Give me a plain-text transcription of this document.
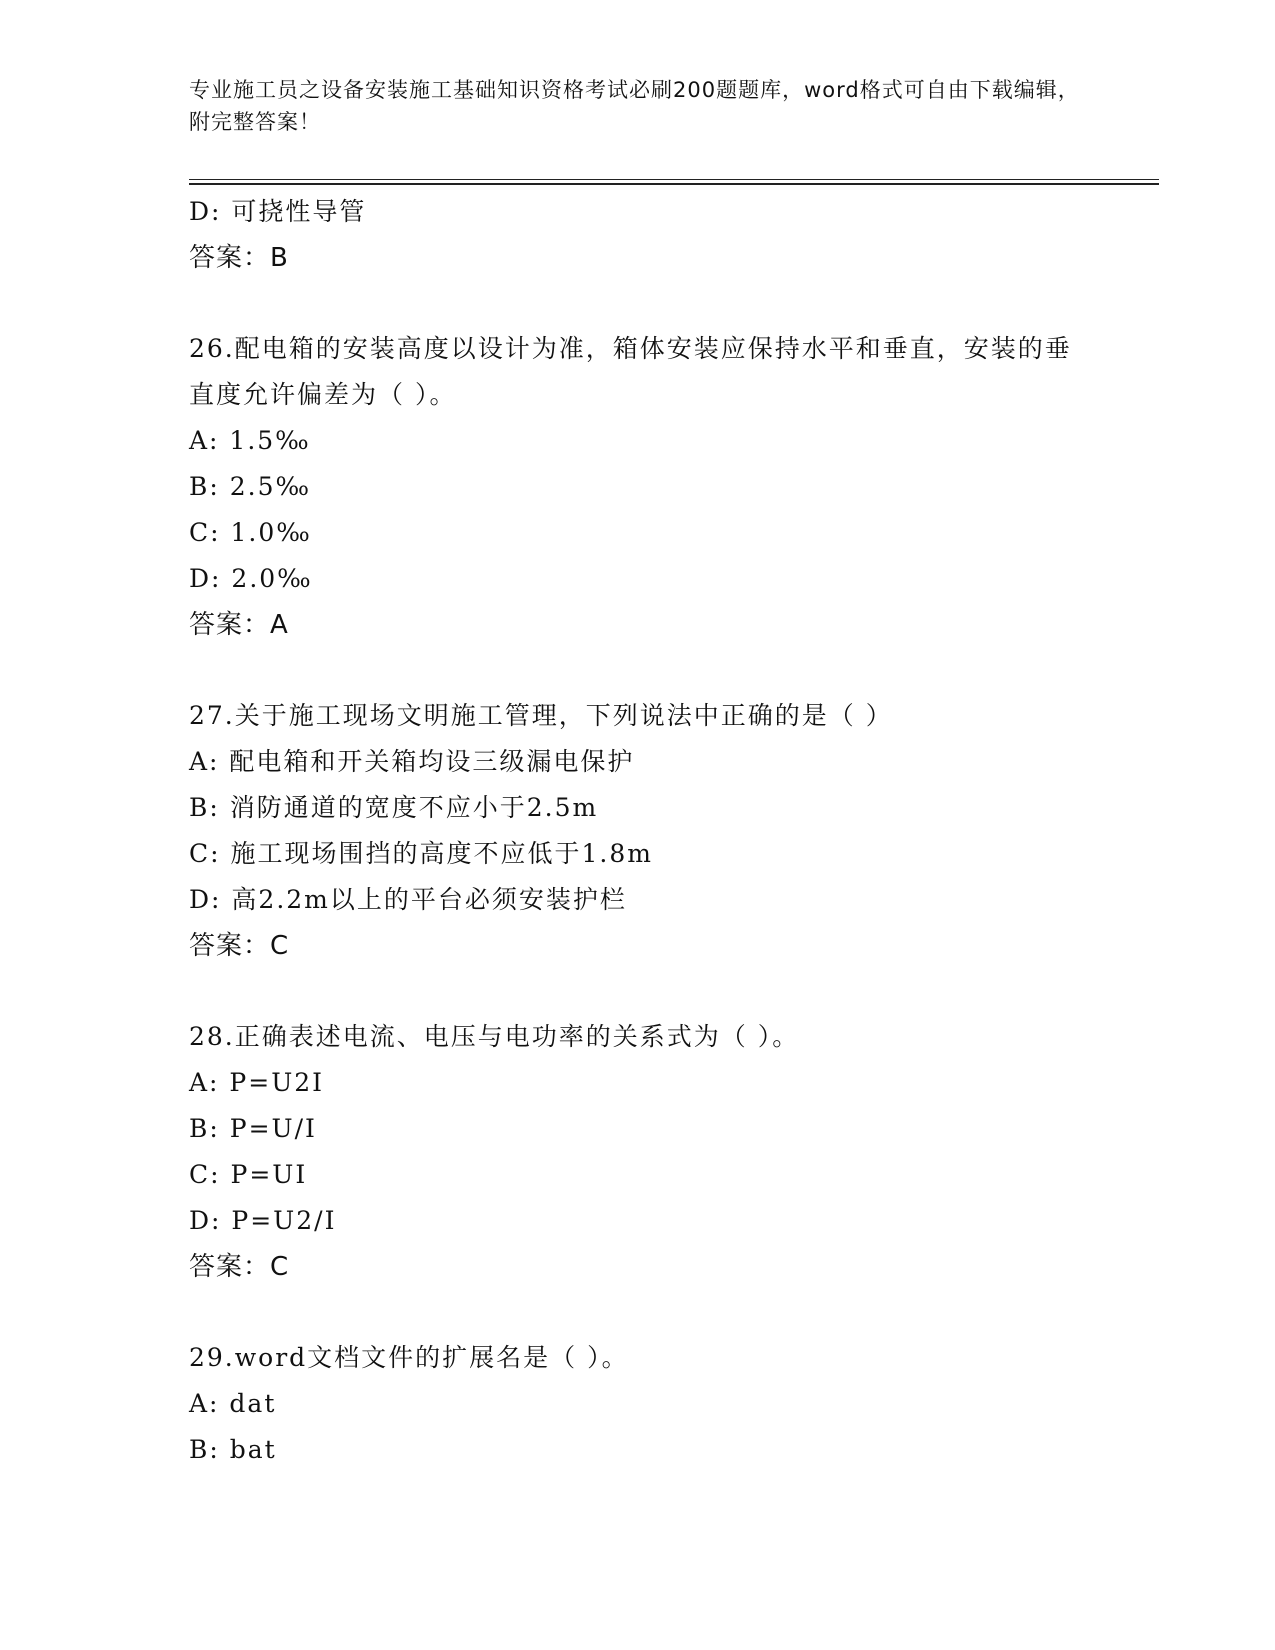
专业施工员之设备安装施工基础知识资格考试必刷200题题库，word格式可自由下载编辑，附完整答案！
D: 可挠性导管
答案：B
26.配电箱的安装高度以设计为准，箱体安装应保持水平和垂直，安装的垂直度允许偏差为（ ）。
A: 1.5‰
B: 2.5‰
C: 1.0‰
D: 2.0‰
答案：A
27.关于施工现场文明施工管理，下列说法中正确的是（ ）
A: 配电箱和开关箱均设三级漏电保护
B: 消防通道的宽度不应小于2.5m
C: 施工现场围挡的高度不应低于1.8m
D: 高2.2m以上的平台必须安装护栏
答案：C
28.正确表述电流、电压与电功率的关系式为（ ）。
A: P=U2I
B: P=U/I
C: P=UI
D: P=U2/I
答案：C
29.word文档文件的扩展名是（ ）。
A: dat
B: bat
